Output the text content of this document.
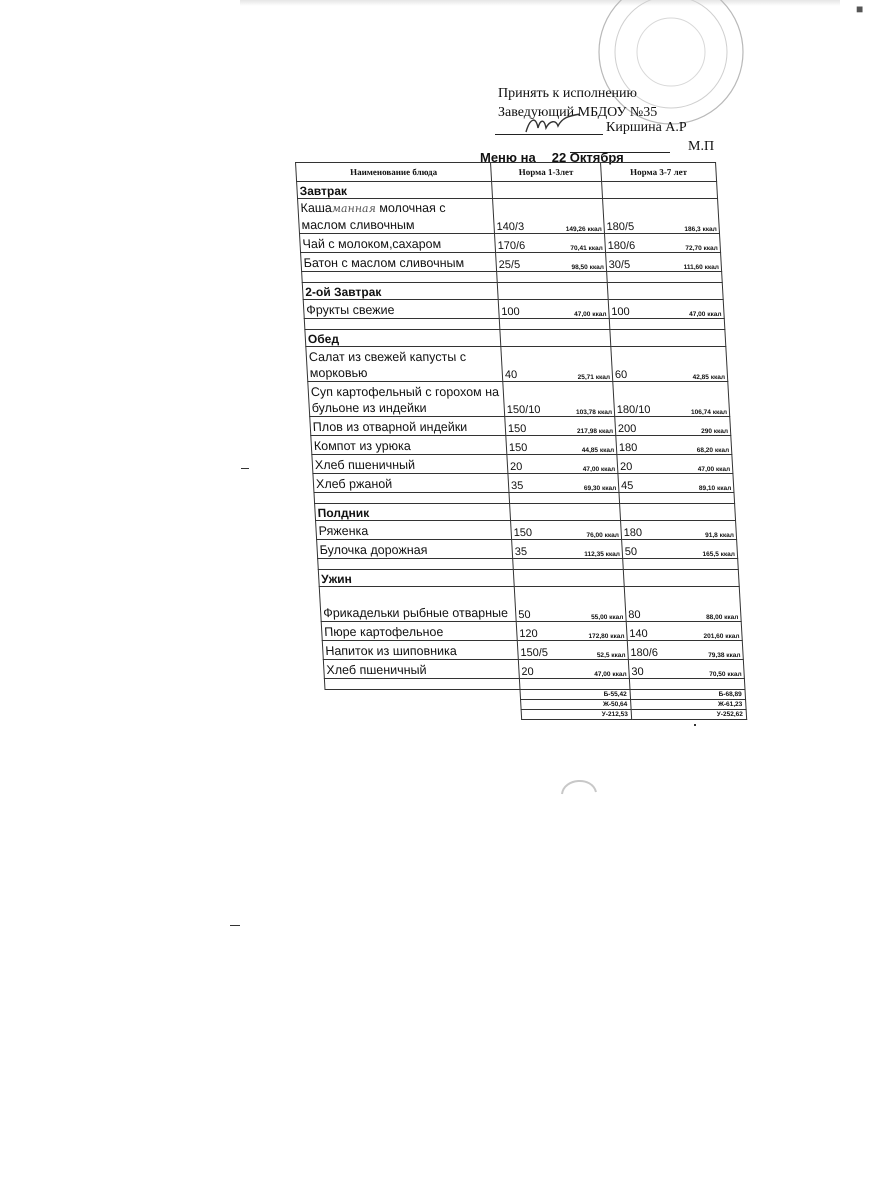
■
Принять к исполнению
Заведующий МБДОУ №35
Киршина А.Р
М.П
Меню на 22 Октября
Наименование блюда	Норма 1-3лет	Норма 3-7 лет
Завтрак		
Кашаманная молочная с маслом сливочным	140/3 149,26 ккал	180/5 186,3 ккал

Чай с молоком,сахаром	170/6 70,41 ккал	180/6 72,70 ккал

Батон с маслом сливочным	25/5 98,50 ккал	30/5 111,60 ккал

2-ой Завтрак		
Фрукты свежие	100 47,00 ккал	100 47,00 ккал

Обед		
Салат из свежей капусты с морковью	40 25,71 ккал	60 42,85 ккал

Суп картофельный с горохом на бульоне из индейки	150/10 103,78 ккал	180/10 106,74 ккал

Плов из отварной индейки	150 217,98 ккал	200 290 ккал

Компот из урюка	150 44,85 ккал	180 68,20 ккал

Хлеб пшеничный	20 47,00 ккал	20 47,00 ккал

Хлеб ржаной	35 69,30 ккал	45 89,10 ккал

Полдник		
Ряженка	150 76,00 ккал	180 91,8 ккал

Булочка дорожная	35 112,35 ккал	50 165,5 ккал

Ужин		
Фрикадельки рыбные отварные	50 55,00 ккал	80 88,00 ккал

Пюре картофельное	120 172,80 ккал	140 201,60 ккал

Напиток из шиповника	150/5 52,5 ккал	180/6 79,38 ккал

Хлеб пшеничный	20 47,00 ккал	30 70,50 ккал

	Б-55,42	Б-68,89
	Ж-50,64	Ж-61,23
	У-212,53	У-252,62
